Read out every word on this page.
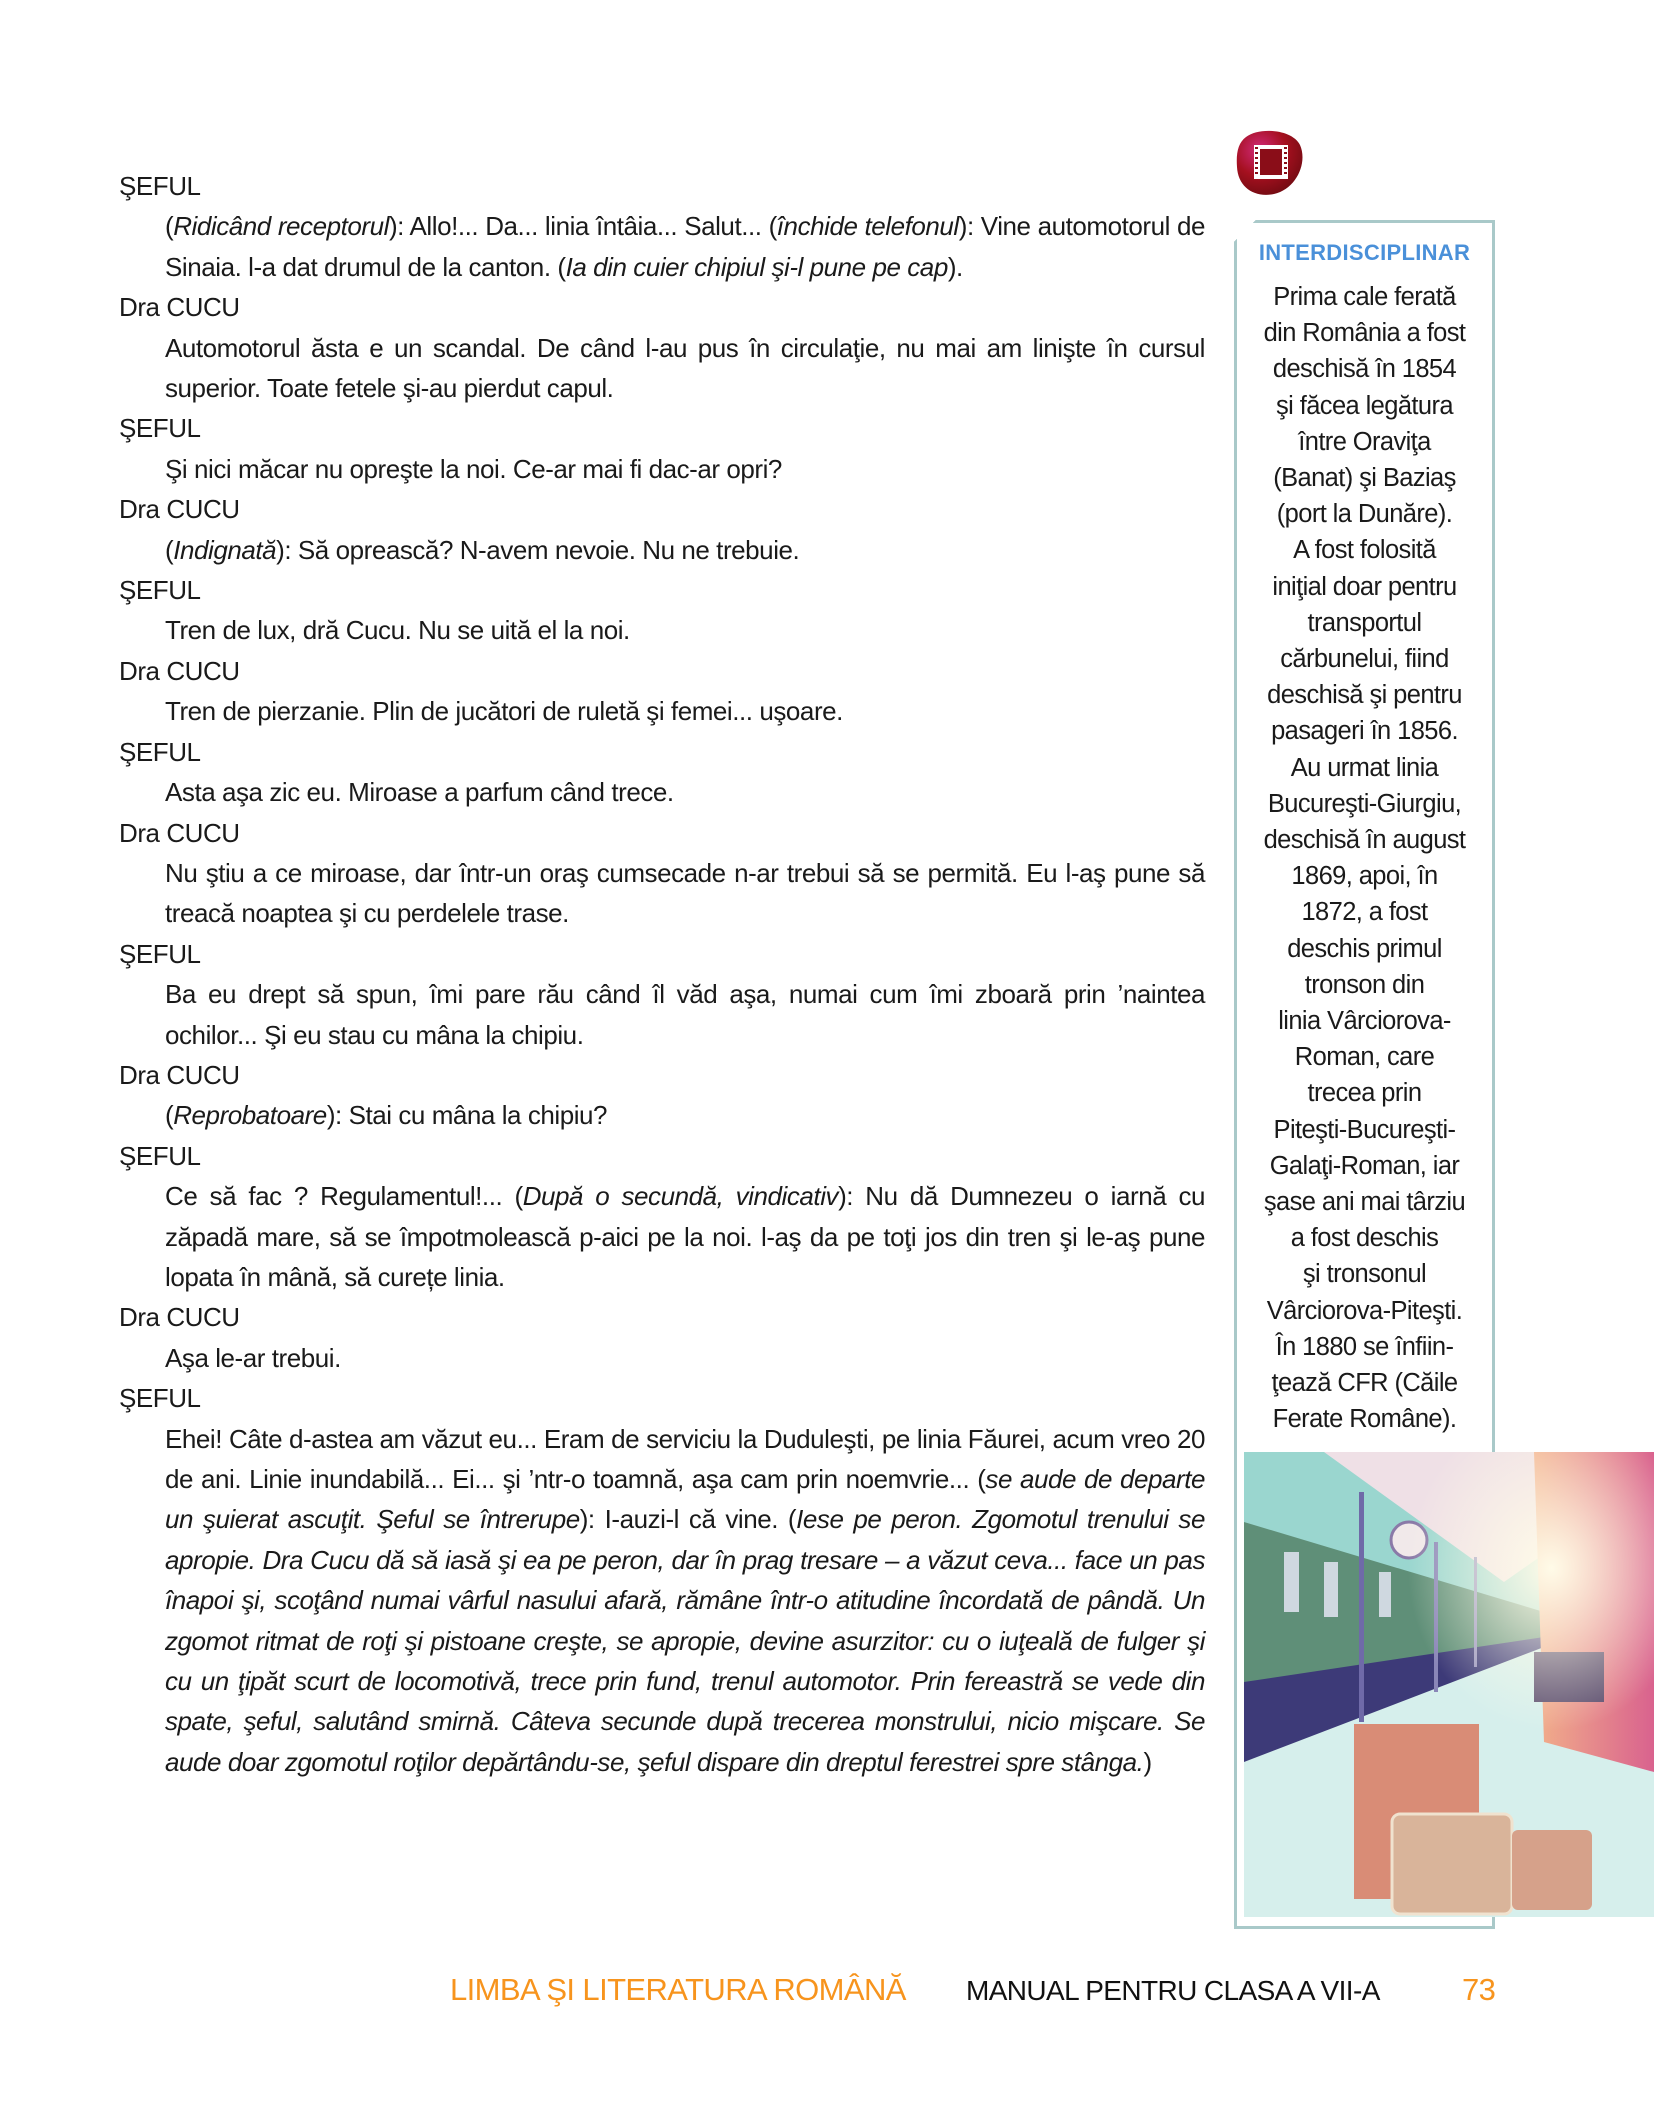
ŞEFUL
(Ridicând receptorul): Allo!... Da... linia întâia... Salut... (închide telefonul): Vine automotorul de Sinaia. l-a dat drumul de la canton. (Ia din cuier chipiul şi-l pune pe cap).
Dra CUCU
Automotorul ăsta e un scandal. De când l-au pus în circulaţie, nu mai am linişte în cursul superior. Toate fetele şi-au pierdut capul.
ŞEFUL
Şi nici măcar nu opreşte la noi. Ce-ar mai fi dac-ar opri?
Dra CUCU
(Indignată): Să oprească? N-avem nevoie. Nu ne trebuie.
ŞEFUL
Tren de lux, dră Cucu. Nu se uită el la noi.
Dra CUCU
Tren de pierzanie. Plin de jucători de ruletă şi femei... uşoare.
ŞEFUL
Asta aşa zic eu. Miroase a parfum când trece.
Dra CUCU
Nu ştiu a ce miroase, dar într-un oraş cumsecade n-ar trebui să se permită. Eu l-aş pune să treacă noaptea şi cu perdelele trase.
ŞEFUL
Ba eu drept să spun, îmi pare rău când îl văd aşa, numai cum îmi zboară prin ’naintea ochilor... Şi eu stau cu mâna la chipiu.
Dra CUCU
(Reprobatoare): Stai cu mâna la chipiu?
ŞEFUL
Ce să fac ? Regulamentul!... (După o secundă, vindicativ): Nu dă Dumnezeu o iarnă cu zăpadă mare, să se împotmolească p-aici pe la noi. l-aş da pe toţi jos din tren şi le-aş pune lopata în mână, să curețe linia.
Dra CUCU
Aşa le-ar trebui.
ŞEFUL
Ehei! Câte d-astea am văzut eu... Eram de serviciu la Duduleşti, pe linia Făurei, acum vreo 20 de ani. Linie inundabilă... Ei... şi ’ntr-o toamnă, aşa cam prin noemvrie... (se aude de departe un şuierat ascuţit. Şeful se întrerupe): I-auzi-l că vine. (Iese pe peron. Zgomotul trenului se apropie. Dra Cucu dă să iasă şi ea pe peron, dar în prag tresare – a văzut ceva... face un pas înapoi şi, scoţând numai vârful nasului afară, rămâne într-o atitudine încordată de pândă. Un zgomot ritmat de roţi şi pistoane creşte, se apropie, devine asurzitor: cu o iuţeală de fulger şi cu un ţipăt scurt de locomotivă, trece prin fund, trenul automotor. Prin fereastră se vede din spate, şeful, salutând smirnă. Câteva secunde după trecerea monstrului, nicio mişcare. Se aude doar zgomotul roţilor depărtându-se, şeful dispare din dreptul ferestrei spre stânga.)
INTERDISCIPLINAR
Prima cale ferată
din România a fost
deschisă în 1854
şi făcea legătura
între Oraviţa
(Banat) şi Baziaş
(port la Dunăre).
A fost folosită
iniţial doar pentru
transportul
cărbunelui, fiind
deschisă şi pentru
pasageri în 1856.
Au urmat linia
Bucureşti-Giurgiu,
deschisă în august
1869, apoi, în
1872, a fost
deschis primul
tronson din
linia Vârciorova-
Roman, care
trecea prin
Piteşti-Bucureşti-
Galaţi-Roman, iar
şase ani mai târziu
a fost deschis
şi tronsonul
Vârciorova-Piteşti.
În 1880 se înfiin-
ţează CFR (Căile
Ferate Române).
LIMBA ŞI LITERATURA ROMÂNĂ MANUAL PENTRU CLASA A VII-A	73
